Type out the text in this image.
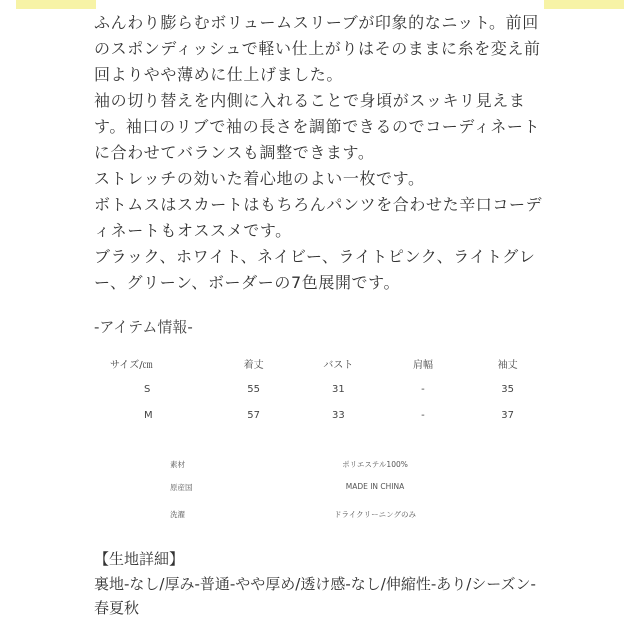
ふんわり膨らむボリュームスリーブが印象的なニット。前回のスポンディッシュで軽い仕上がりはそのままに糸を変え前回よりやや薄めに仕上げました。

袖の切り替えを内側に入れることで身頃がスッキリ見えます。袖口のリブで袖の長さを調節できるのでコーディネートに合わせてバランスも調整できます。

ストレッチの効いた着心地のよい一枚です。

ボトムスはスカートはもちろんパンツを合わせた辛口コーディネートもオススメです。

ブラック、ホワイト、ネイビー、ライトピンク、ライトグレー、グリーン、ボーダーの7色展開です。

-アイテム情報-
サイズ/㎝	着丈	バスト	肩幅	袖丈
S	55	31	-	35
M	57	33	-	37
素材	ポリエステル100%
原産国	MADE IN CHINA
洗濯	ドライクリーニングのみ
【生地詳細】
裏地-なし/厚み-普通-やや厚め/透け感-なし/伸縮性-あり/シーズン-春夏秋
